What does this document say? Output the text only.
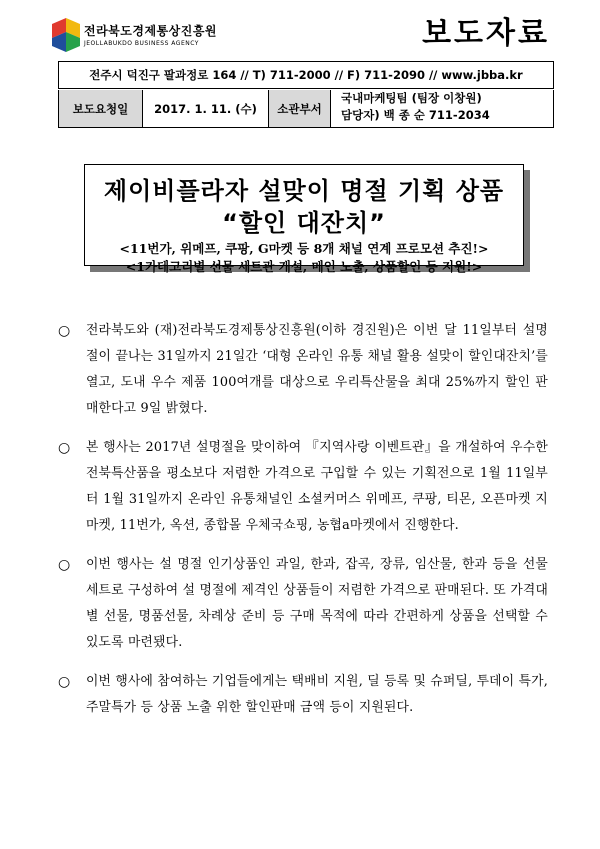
전라북도경제통상진흥원
JEOLLABUKDO BUSINESS AGENCY	보도자료
전주시 덕진구 팔과정로 164 // T) 711-2000 // F) 711-2090 // www.jbba.kr
보도요청일	2017. 1. 11. (수)	소관부서
국내마케팅팀 (팀장 이창원)
담당자) 백 종 순 711-2034
제이비플라자 설맞이 명절 기획 상품
“할인 대잔치”
<11번가, 위메프, 쿠팡, G마켓 등 8개 채널 연계 프로모션 추진!>
<1카테고리별 선물 세트관 개설, 메인 노출, 상품할인 등 지원!>
○ 전라북도와 (재)전라북도경제통상진흥원(이하 경진원)은 이번 달 11일부터 설명절이 끝나는 31일까지 21일간 ‘대형 온라인 유통 채널 활용 설맞이 할인대잔치’를 열고, 도내 우수 제품 100여개를 대상으로 우리특산물을 최대 25%까지 할인 판매한다고 9일 밝혔다.
○ 본 행사는 2017년 설명절을 맞이하여 『지역사랑 이벤트관』을 개설하여 우수한 전북특산품을 평소보다 저렴한 가격으로 구입할 수 있는 기획전으로 1월 11일부터 1월 31일까지 온라인 유통채널인 소셜커머스 위메프, 쿠팡, 티몬, 오픈마켓 지마켓, 11번가, 옥션, 종합몰 우체국쇼핑, 농협a마켓에서 진행한다.
○ 이번 행사는 설 명절 인기상품인 과일, 한과, 잡곡, 장류, 임산물, 한과 등을 선물 세트로 구성하여 설 명절에 제격인 상품들이 저렴한 가격으로 판매된다. 또 가격대별 선물, 명품선물, 차례상 준비 등 구매 목적에 따라 간편하게 상품을 선택할 수 있도록 마련됐다.
○ 이번 행사에 참여하는 기업들에게는 택배비 지원, 딜 등록 및 슈퍼딜, 투데이 특가, 주말특가 등 상품 노출 위한 할인판매 금액 등이 지원된다.
